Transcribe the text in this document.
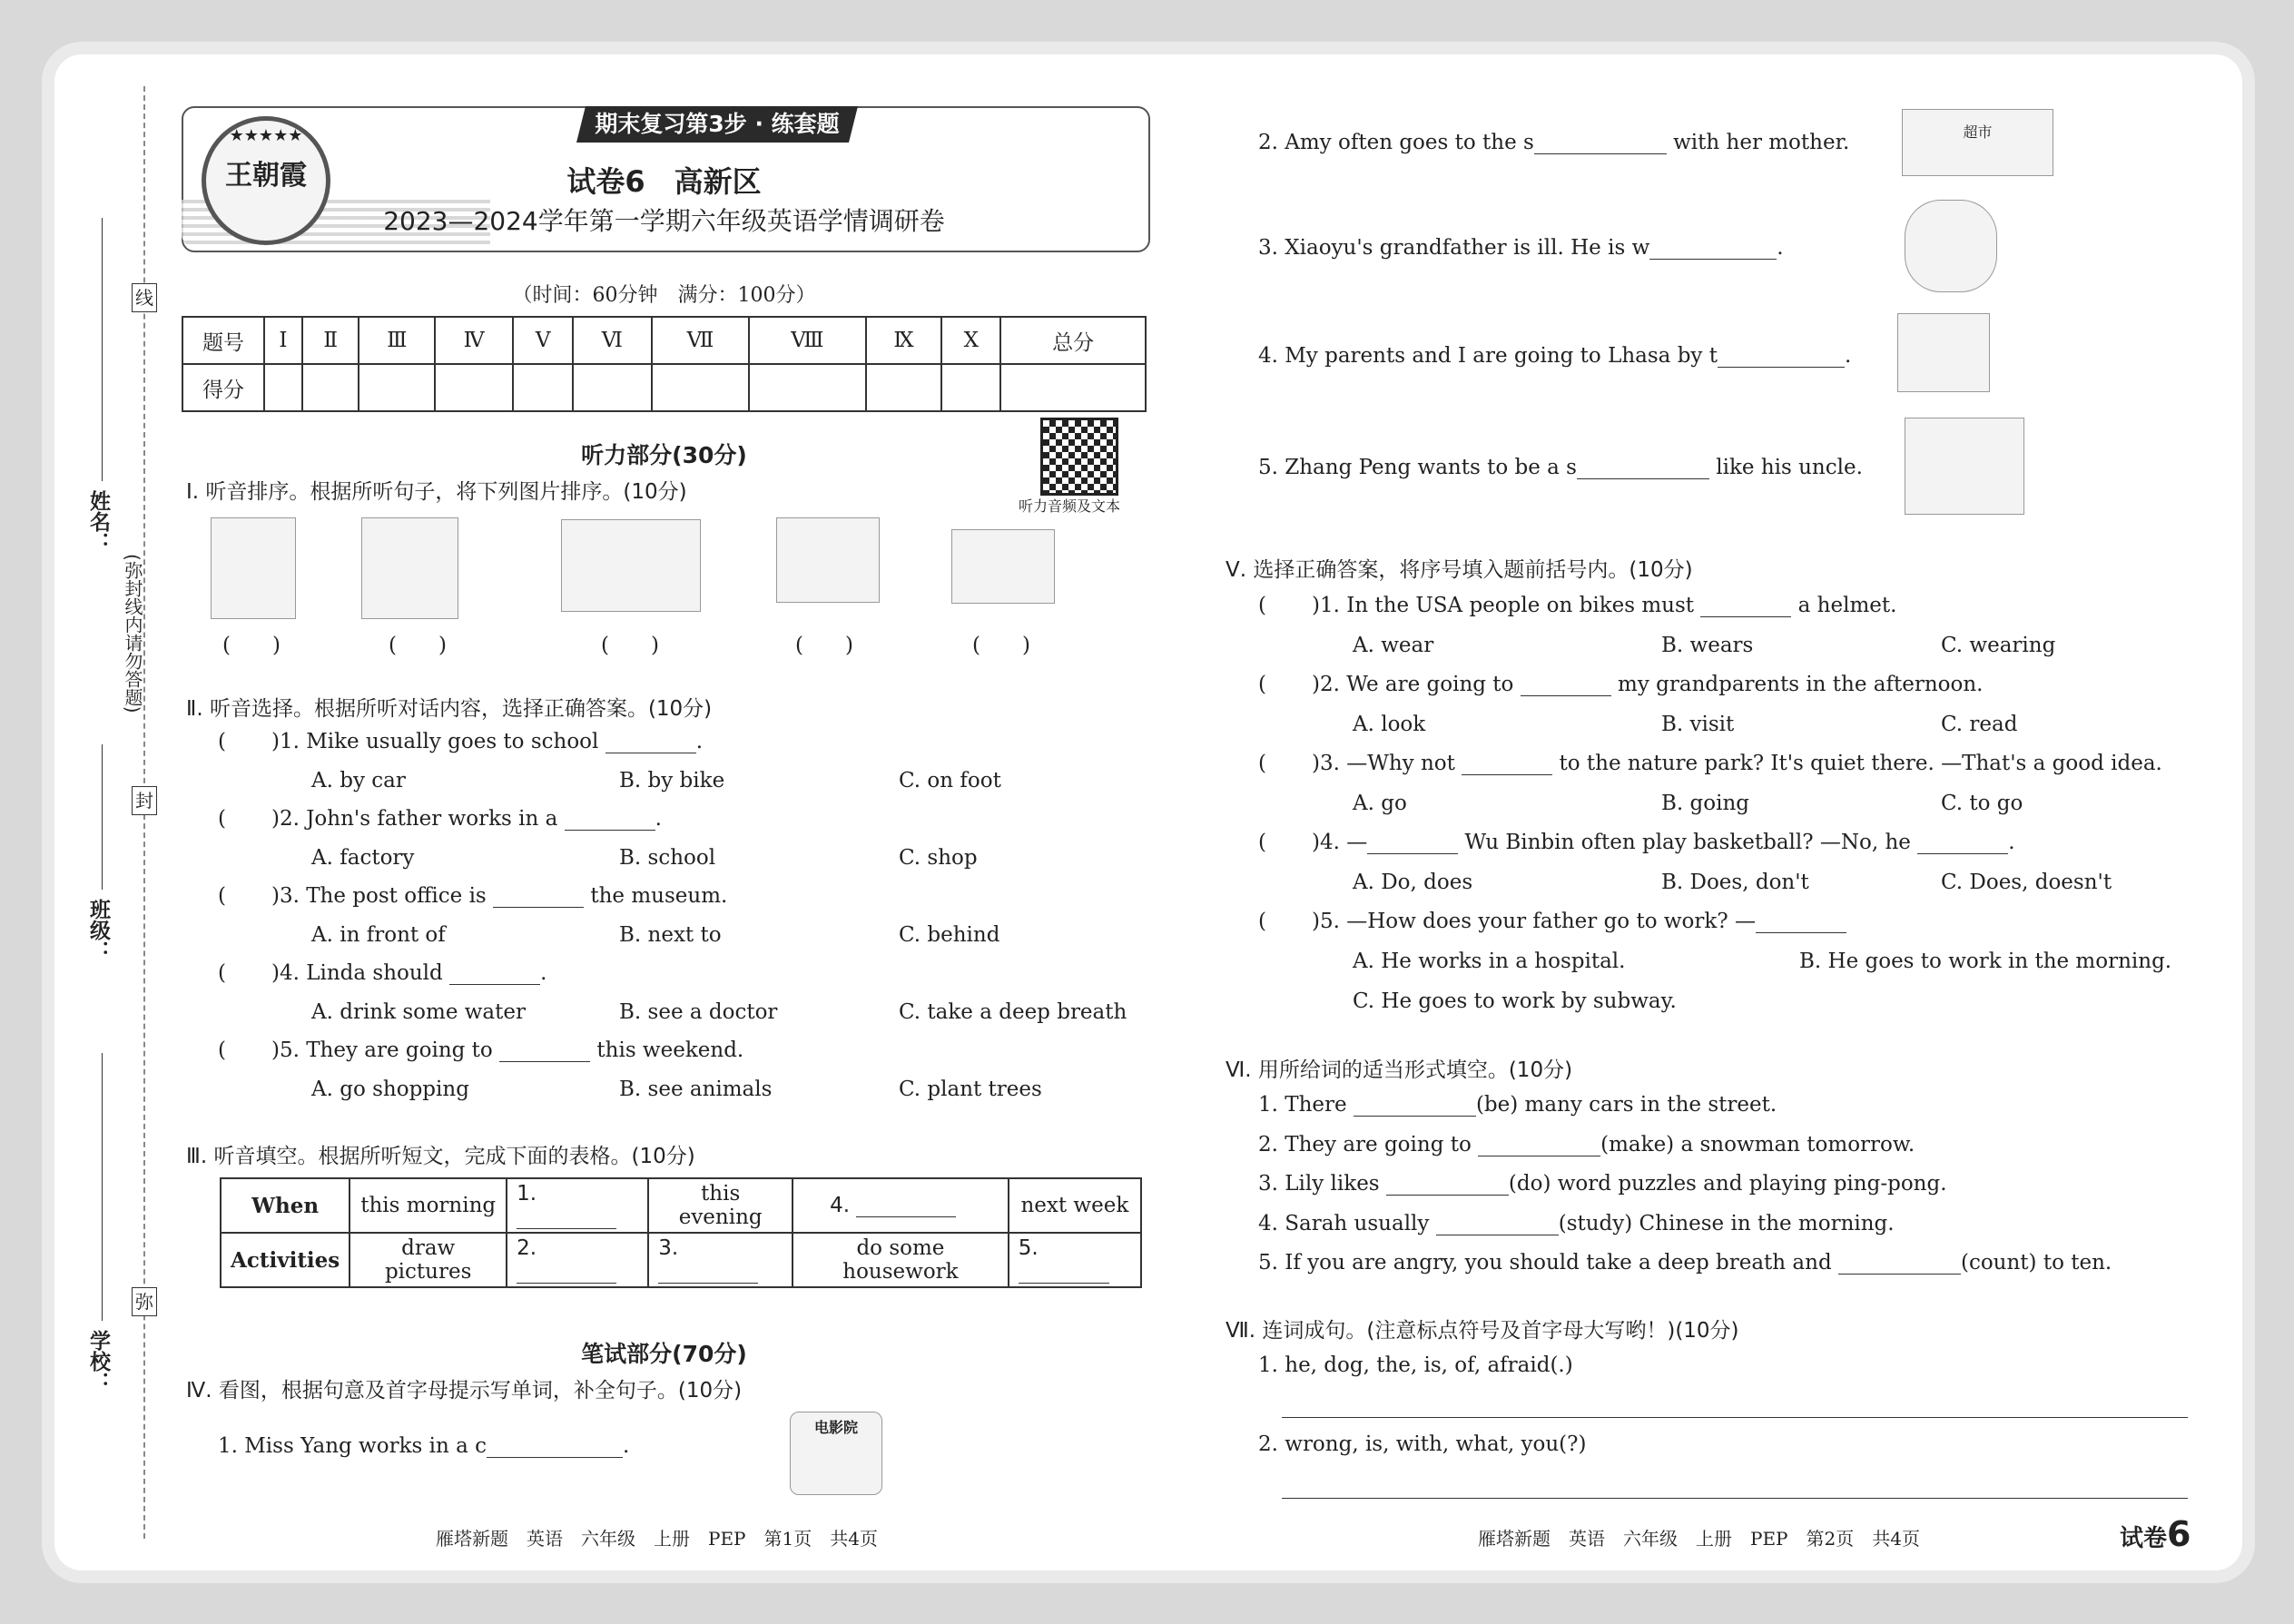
姓名：
班级：
学校：
(弥封线内请勿答题)
线
封
弥
期末复习第3步 · 练套题
★★★★★
王朝霞	试卷6　高新区
2023—2024学年第一学期六年级英语学情调研卷
（时间：60分钟　满分：100分）
题号	Ⅰ	Ⅱ	Ⅲ	Ⅳ	Ⅴ	Ⅵ	Ⅶ	Ⅷ	Ⅸ	Ⅹ	总分
得分											
听力音频及文本
听力部分(30分)
Ⅰ. 听音排序。根据所听句子，将下列图片排序。(10分)
(　　)	(　　)	(　　)	(　　)	(　　)
Ⅱ. 听音选择。根据所听对话内容，选择正确答案。(10分)
( )1. Mike usually goes to school	.
A. by car	B. by bike	C. on foot
( )2. John's father works in a	.
A. factory	B. school	C. shop
( )3. The post office is	the museum.
A. in front of	B. next to	C. behind
( )4. Linda should	.
A. drink some water	B. see a doctor	C. take a deep breath
( )5. They are going to	this weekend.
A. go shopping	B. see animals	C. plant trees
Ⅲ. 听音填空。根据所听短文，完成下面的表格。(10分)
When	this morning	1.	this evening	4.	next week
Activities	draw pictures	2.	3.	do some housework	5.
笔试部分(70分)
Ⅳ. 看图，根据句意及首字母提示写单词，补全句子。(10分)
1. Miss Yang works in a c	.
电影院
2. Amy often goes to the s	with her mother.	超市
3. Xiaoyu's grandfather is ill. He is w	.
4. My parents and I are going to Lhasa by t	.
5. Zhang Peng wants to be a s	like his uncle.
Ⅴ. 选择正确答案，将序号填入题前括号内。(10分)
( )1. In the USA people on bikes must	a helmet.
A. wear	B. wears	C. wearing
( )2. We are going to	my grandparents in the afternoon.
A. look	B. visit	C. read
( )3. —Why not	to the nature park? It's quiet there. —That's a good idea.
A. go	B. going	C. to go
( )4. —	Wu Binbin often play basketball? —No, he	.
A. Do, does	B. Does, don't	C. Does, doesn't
( )5. —How does your father go to work? —
A. He works in a hospital.	B. He goes to work in the morning.
C. He goes to work by subway.
Ⅵ. 用所给词的适当形式填空。(10分)
1. There	(be) many cars in the street.
2. They are going to	(make) a snowman tomorrow.
3. Lily likes	(do) word puzzles and playing ping-pong.
4. Sarah usually	(study) Chinese in the morning.
5. If you are angry, you should take a deep breath and	(count) to ten.
Ⅶ. 连词成句。(注意标点符号及首字母大写哟！)(10分)
1. he, dog, the, is, of, afraid(.)
2. wrong, is, with, what, you(?)
雁塔新题　英语　六年级　上册　PEP　第1页　共4页	雁塔新题　英语　六年级　上册　PEP　第2页　共4页	试卷6
